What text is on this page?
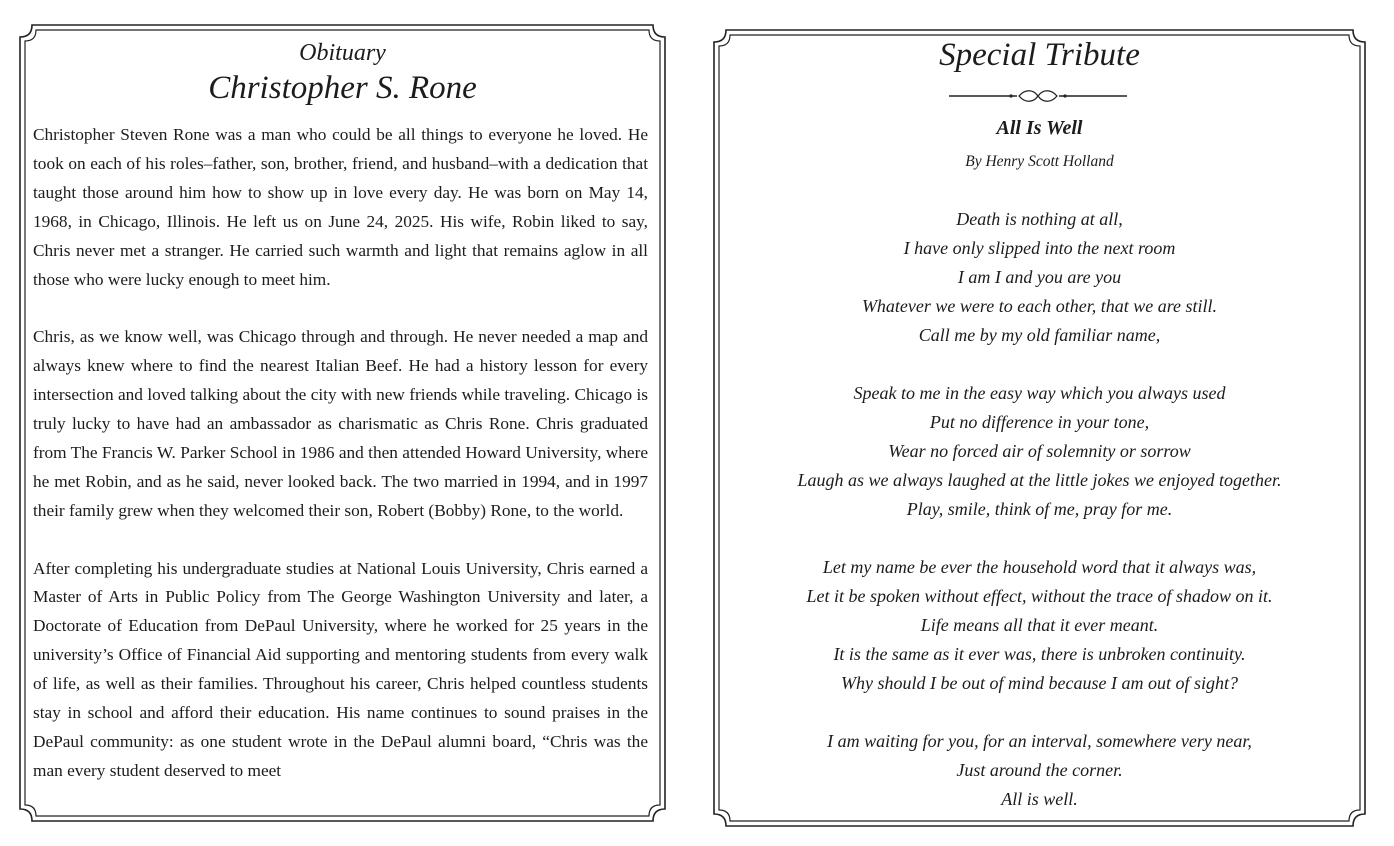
Obituary
Christopher S. Rone

Christopher Steven Rone was a man who could be all things to everyone he loved. He took on each of his roles–father, son, brother, friend, and husband–with a dedication that taught those around him how to show up in love every day. He was born on May 14, 1968, in Chicago, Illinois. He left us on June 24, 2025. His wife, Robin liked to say, Chris never met a stranger. He carried such warmth and light that remains aglow in all those who were lucky enough to meet him.

Chris, as we know well, was Chicago through and through. He never needed a map and always knew where to find the nearest Italian Beef. He had a history lesson for every intersection and loved talking about the city with new friends while traveling. Chicago is truly lucky to have had an ambassador as charismatic as Chris Rone. Chris graduated from The Francis W. Parker School in 1986 and then attended Howard University, where he met Robin, and as he said, never looked back. The two married in 1994, and in 1997 their family grew when they welcomed their son, Robert (Bobby) Rone, to the world.

After completing his undergraduate studies at National Louis University, Chris earned a Master of Arts in Public Policy from The George Washington University and later, a Doctorate of Education from DePaul University, where he worked for 25 years in the university’s Office of Financial Aid supporting and mentoring students from every walk of life, as well as their families. Throughout his career, Chris helped countless students stay in school and afford their education. His name continues to sound praises in the DePaul community: as one student wrote in the DePaul alumni board, “Chris was the man every student deserved to meet

Special Tribute
All Is Well
By Henry Scott Holland
Death is nothing at all,
I have only slipped into the next room
I am I and you are you
Whatever we were to each other, that we are still.
Call me by my old familiar name,
Speak to me in the easy way which you always used
Put no difference in your tone,
Wear no forced air of solemnity or sorrow
Laugh as we always laughed at the little jokes we enjoyed together.
Play, smile, think of me, pray for me.
Let my name be ever the household word that it always was,
Let it be spoken without effect, without the trace of shadow on it.
Life means all that it ever meant.
It is the same as it ever was, there is unbroken continuity.
Why should I be out of mind because I am out of sight?
I am waiting for you, for an interval, somewhere very near,
Just around the corner.
All is well.
